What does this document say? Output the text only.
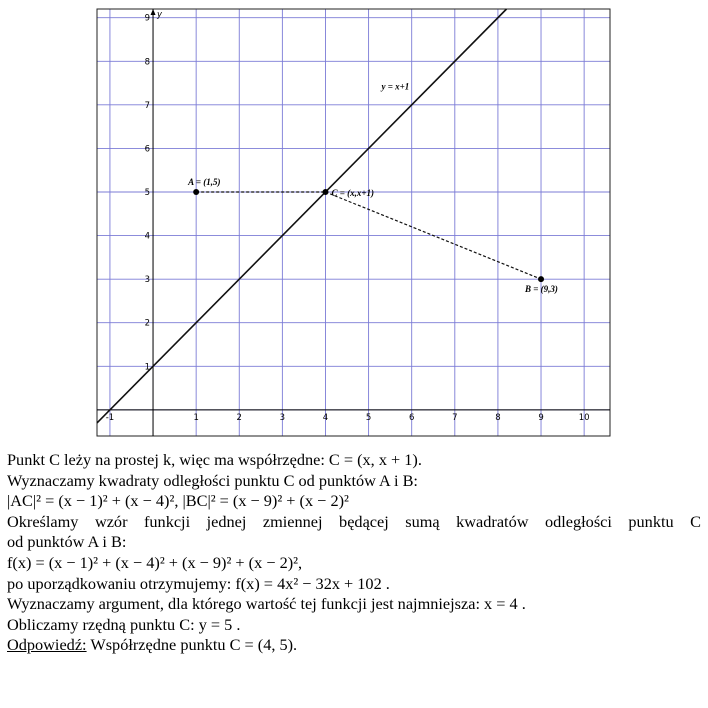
-1	1	2	3	4	5	6	7	8	9	10
1
2
3
4
5
6
7
8
9 y
y = x+1
A = (1,5)
C = (x,x+1)
B = (9,3)
Punkt C leży na prostej k, więc ma współrzędne: C = (x, x + 1).
Wyznaczamy kwadraty odległości punktu C od punktów A i B:
|AC|² = (x − 1)² + (x − 4)², |BC|² = (x − 9)² + (x − 2)²
Określamy wzór funkcji jednej zmiennej będącej sumą kwadratów odległości punktu C
od punktów A i B:
f(x) = (x − 1)² + (x − 4)² + (x − 9)² + (x − 2)²,
po uporządkowaniu otrzymujemy: f(x) = 4x² − 32x + 102 .
Wyznaczamy argument, dla którego wartość tej funkcji jest najmniejsza: x = 4 .
Obliczamy rzędną punktu C: y = 5 .
Odpowiedź: Współrzędne punktu C = (4, 5).
